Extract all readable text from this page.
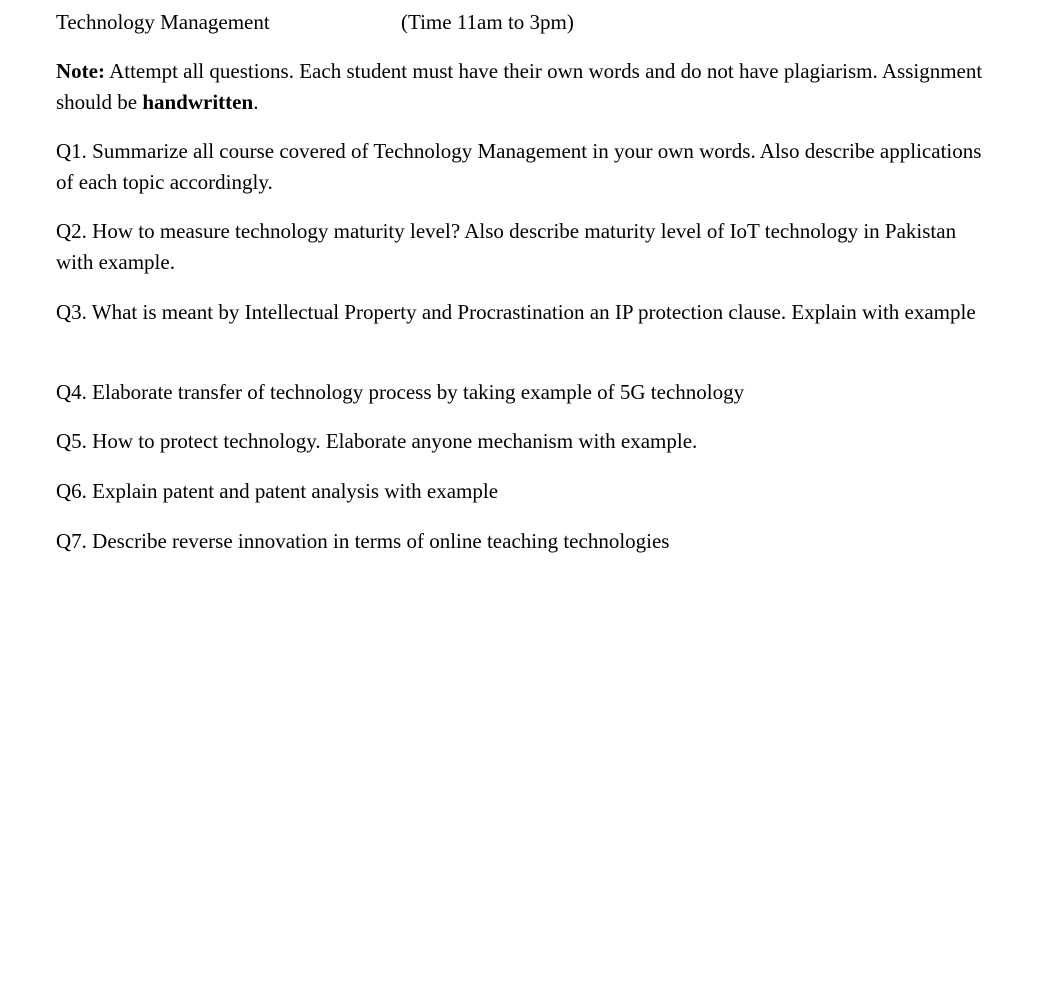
Technology Management	(Time 11am to 3pm)

Note: Attempt all questions. Each student must have their own words and do not have plagiarism. Assignment should be handwritten.

Q1. Summarize all course covered of Technology Management in your own words. Also describe applications of each topic accordingly.

Q2. How to measure technology maturity level? Also describe maturity level of IoT technology in Pakistan with example.

Q3. What is meant by Intellectual Property and Procrastination an IP protection clause. Explain with example

Q4. Elaborate transfer of technology process by taking example of 5G technology

Q5. How to protect technology. Elaborate anyone mechanism with example.

Q6. Explain patent and patent analysis with example

Q7. Describe reverse innovation in terms of online teaching technologies
